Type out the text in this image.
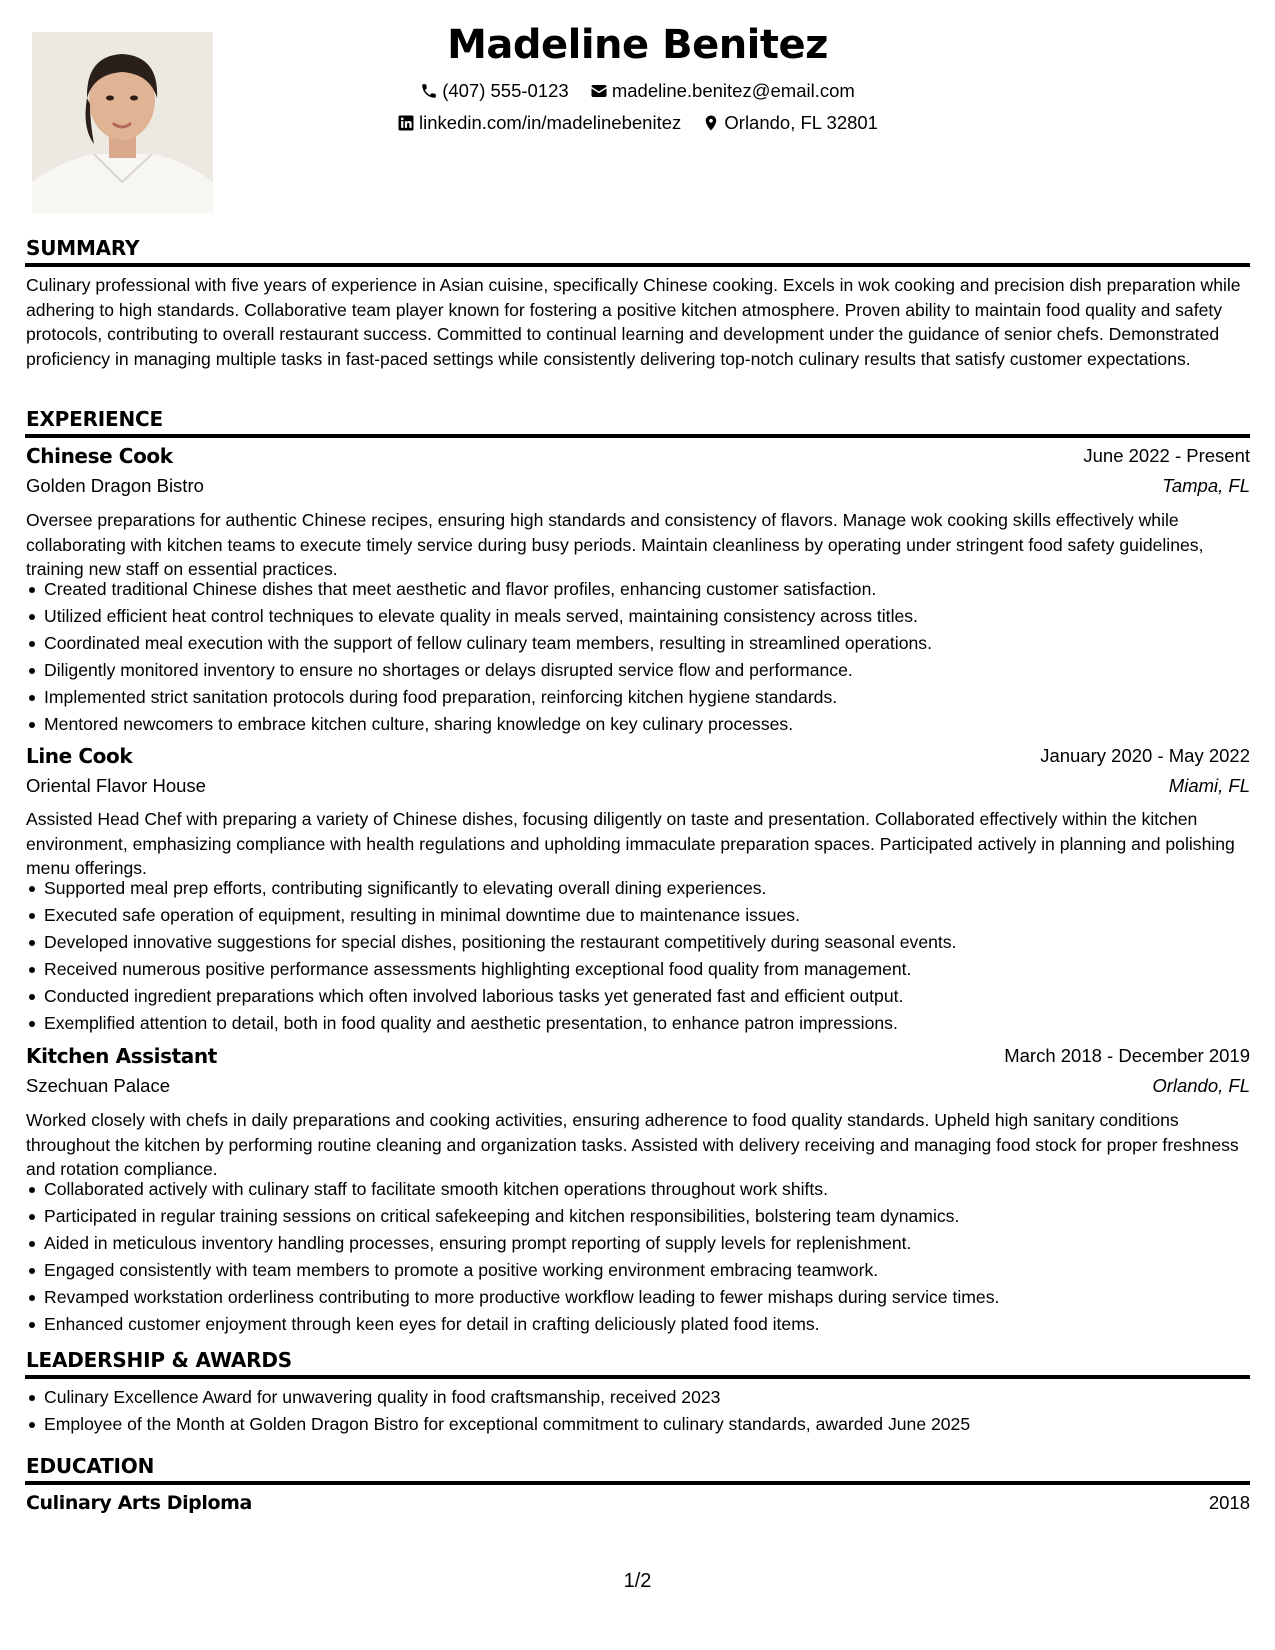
Madeline Benitez
(407) 555-0123
madeline.benitez@email.com
linkedin.com/in/madelinebenitez
Orlando, FL 32801
SUMMARY
Culinary professional with five years of experience in Asian cuisine, specifically Chinese cooking. Excels in wok cooking and precision dish preparation while adhering to high standards. Collaborative team player known for fostering a positive kitchen atmosphere. Proven ability to maintain food quality and safety protocols, contributing to overall restaurant success. Committed to continual learning and development under the guidance of senior chefs. Demonstrated proficiency in managing multiple tasks in fast-paced settings while consistently delivering top-notch culinary results that satisfy customer expectations.
EXPERIENCE
Chinese Cook	June 2022 - Present
Golden Dragon Bistro	Tampa, FL
Oversee preparations for authentic Chinese recipes, ensuring high standards and consistency of flavors. Manage wok cooking skills effectively while collaborating with kitchen teams to execute timely service during busy periods. Maintain cleanliness by operating under stringent food safety guidelines, training new staff on essential practices.
Created traditional Chinese dishes that meet aesthetic and flavor profiles, enhancing customer satisfaction.
Utilized efficient heat control techniques to elevate quality in meals served, maintaining consistency across titles.
Coordinated meal execution with the support of fellow culinary team members, resulting in streamlined operations.
Diligently monitored inventory to ensure no shortages or delays disrupted service flow and performance.
Implemented strict sanitation protocols during food preparation, reinforcing kitchen hygiene standards.
Mentored newcomers to embrace kitchen culture, sharing knowledge on key culinary processes.
Line Cook	January 2020 - May 2022
Oriental Flavor House	Miami, FL
Assisted Head Chef with preparing a variety of Chinese dishes, focusing diligently on taste and presentation. Collaborated effectively within the kitchen environment, emphasizing compliance with health regulations and upholding immaculate preparation spaces. Participated actively in planning and polishing menu offerings.
Supported meal prep efforts, contributing significantly to elevating overall dining experiences.
Executed safe operation of equipment, resulting in minimal downtime due to maintenance issues.
Developed innovative suggestions for special dishes, positioning the restaurant competitively during seasonal events.
Received numerous positive performance assessments highlighting exceptional food quality from management.
Conducted ingredient preparations which often involved laborious tasks yet generated fast and efficient output.
Exemplified attention to detail, both in food quality and aesthetic presentation, to enhance patron impressions.
Kitchen Assistant	March 2018 - December 2019
Szechuan Palace	Orlando, FL
Worked closely with chefs in daily preparations and cooking activities, ensuring adherence to food quality standards. Upheld high sanitary conditions throughout the kitchen by performing routine cleaning and organization tasks. Assisted with delivery receiving and managing food stock for proper freshness and rotation compliance.
Collaborated actively with culinary staff to facilitate smooth kitchen operations throughout work shifts.
Participated in regular training sessions on critical safekeeping and kitchen responsibilities, bolstering team dynamics.
Aided in meticulous inventory handling processes, ensuring prompt reporting of supply levels for replenishment.
Engaged consistently with team members to promote a positive working environment embracing teamwork.
Revamped workstation orderliness contributing to more productive workflow leading to fewer mishaps during service times.
Enhanced customer enjoyment through keen eyes for detail in crafting deliciously plated food items.
LEADERSHIP & AWARDS
Culinary Excellence Award for unwavering quality in food craftsmanship, received 2023
Employee of the Month at Golden Dragon Bistro for exceptional commitment to culinary standards, awarded June 2025
EDUCATION
Culinary Arts Diploma	2018
1/2
